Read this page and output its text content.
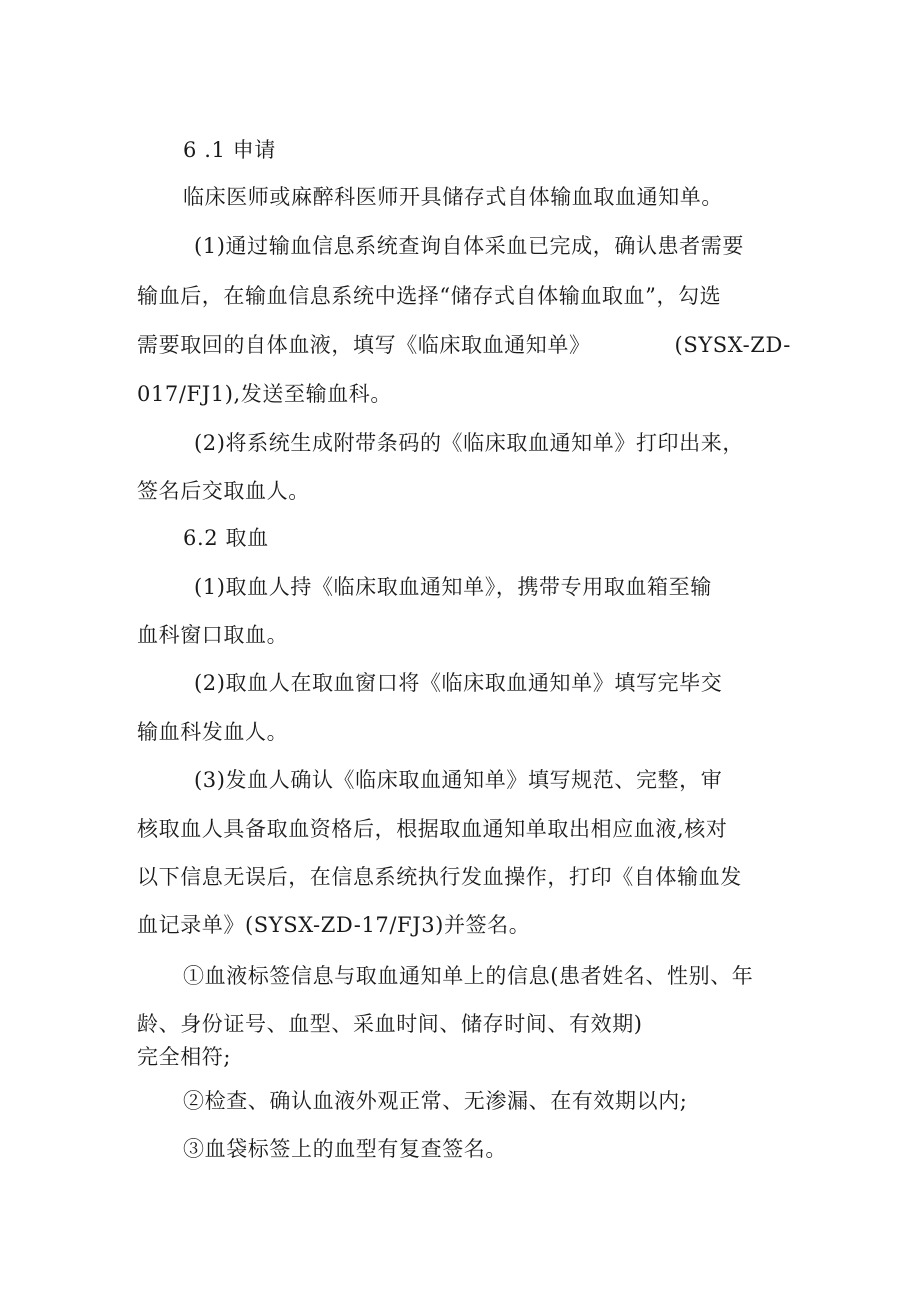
6 .1 申请
临床医师或麻醉科医师开具储存式自体输血取血通知单。
(1)通过输血信息系统查询自体采血已完成，确认患者需要
输血后，在输血信息系统中选择“储存式自体输血取血”，勾选
需要取回的自体血液，填写《临床取血通知单》	(SYSX-ZD-
017/FJ1),发送至输血科。
(2)将系统生成附带条码的《临床取血通知单》打印出来，
签名后交取血人。
6.2 取血
(1)取血人持《临床取血通知单》，携带专用取血箱至输
血科窗口取血。
(2)取血人在取血窗口将《临床取血通知单》填写完毕交
输血科发血人。
(3)发血人确认《临床取血通知单》填写规范、完整，审
核取血人具备取血资格后，根据取血通知单取出相应血液,核对
以下信息无误后，在信息系统执行发血操作，打印《自体输血发
血记录单》(SYSX-ZD-17/FJ3)并签名。
①血液标签信息与取血通知单上的信息(患者姓名、性别、年
龄、身份证号、血型、采血时间、储存时间、有效期)
完全相符;
②检查、确认血液外观正常、无渗漏、在有效期以内;
③血袋标签上的血型有复查签名。
